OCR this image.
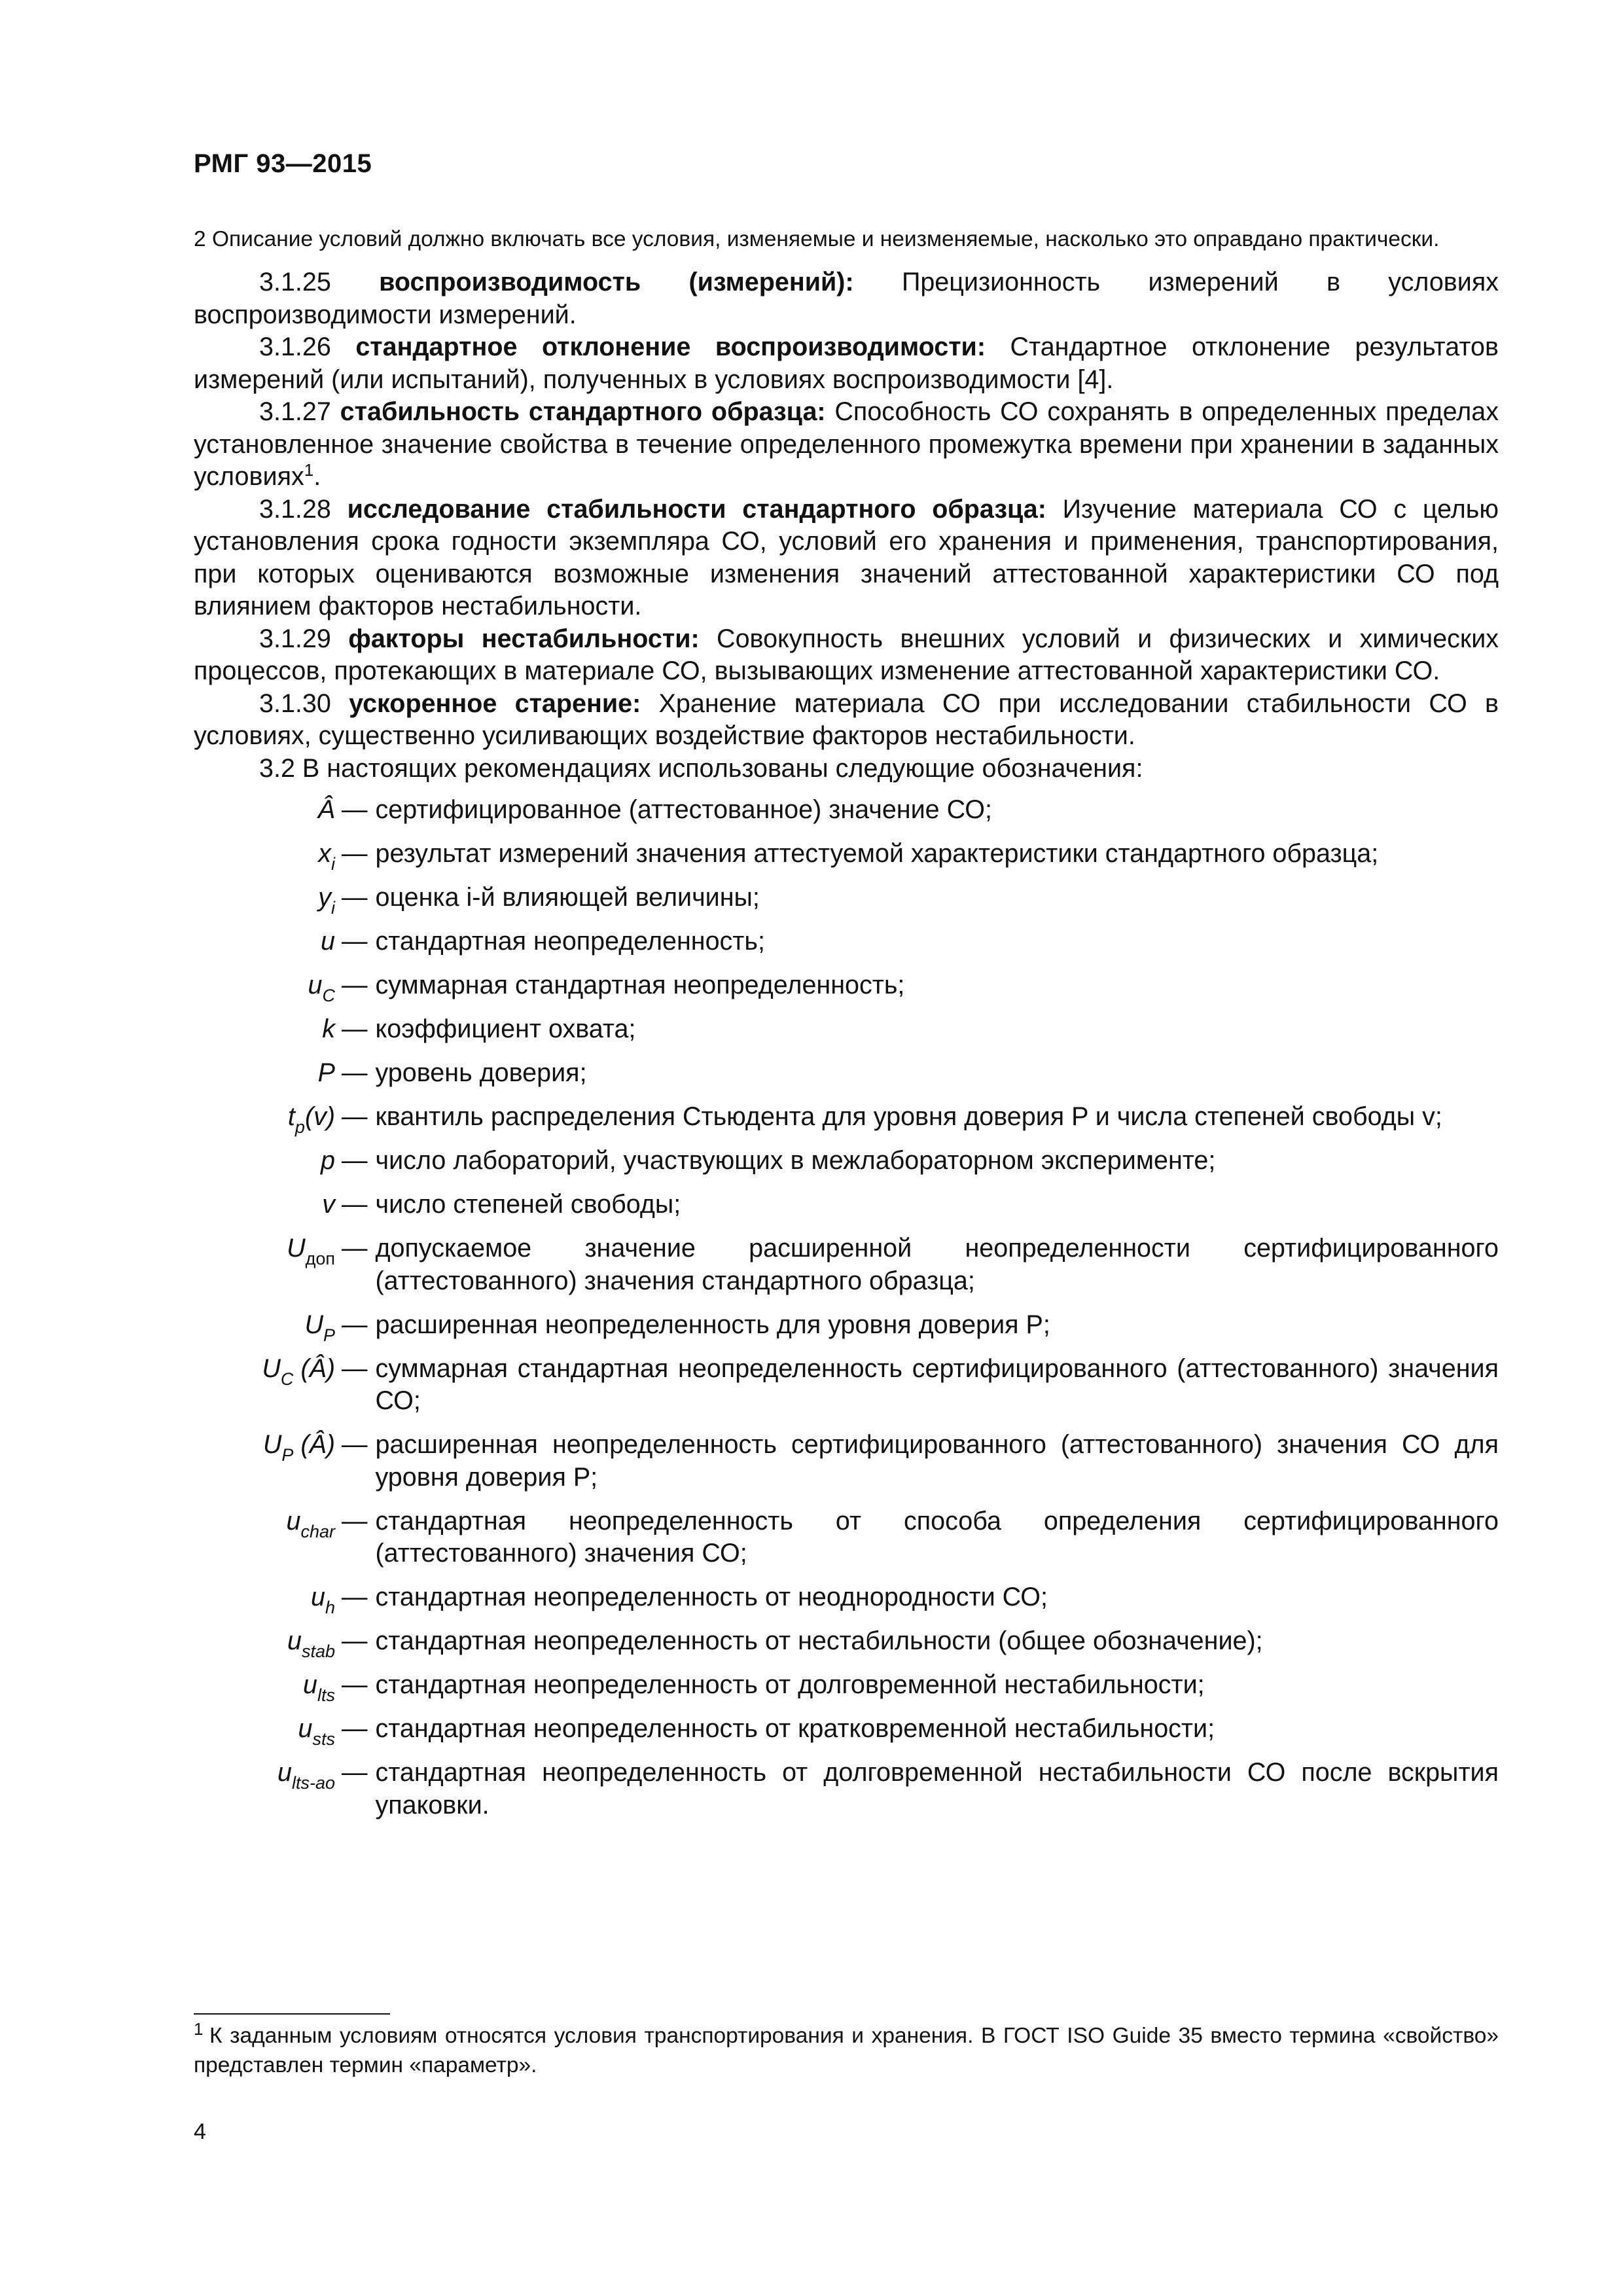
РМГ 93—2015
2 Описание условий должно включать все условия, изменяемые и неизменяемые, насколько это оправдано практически.
3.1.25 воспроизводимость (измерений): Прецизионность измерений в условиях воспроизводимости измерений.
3.1.26 стандартное отклонение воспроизводимости: Стандартное отклонение результатов измерений (или испытаний), полученных в условиях воспроизводимости [4].
3.1.27 стабильность стандартного образца: Способность СО сохранять в определенных пределах установленное значение свойства в течение определенного промежутка времени при хранении в заданных условиях$^1$.
3.1.28 исследование стабильности стандартного образца: Изучение материала СО с целью установления срока годности экземпляра СО, условий его хранения и применения, транспортирования, при которых оцениваются возможные изменения значений аттестованной характеристики СО под влиянием факторов нестабильности.
3.1.29 факторы нестабильности: Совокупность внешних условий и физических и химических процессов, протекающих в материале СО, вызывающих изменение аттестованной характеристики СО.
3.1.30 ускоренное старение: Хранение материала СО при исследовании стабильности СО в условиях, существенно усиливающих воздействие факторов нестабильности.
3.2 В настоящих рекомендациях использованы следующие обозначения:
Â — сертифицированное (аттестованное) значение СО;
$x_i$ — результат измерений значения аттестуемой характеристики стандартного образца;
$y_i$ — оценка i-й влияющей величины;
u — стандартная неопределенность;
$u_C$ — суммарная стандартная неопределенность;
k — коэффициент охвата;
P — уровень доверия;
$t_p(v)$ — квантиль распределения Стьюдента для уровня доверия P и числа степеней свободы v;
p — число лабораторий, участвующих в межлабораторном эксперименте;
v — число степеней свободы;
$U_{доп}$ — допускаемое значение расширенной неопределенности сертифицированного (аттестованного) значения стандартного образца;
$U_P$ — расширенная неопределенность для уровня доверия P;
$U_C$ (Â) — суммарная стандартная неопределенность сертифицированного (аттестованного) значения СО;
$U_P$ (Â) — расширенная неопределенность сертифицированного (аттестованного) значения СО для уровня доверия P;
$u_{char}$ — стандартная неопределенность от способа определения сертифицированного (аттестованного) значения СО;
$u_h$ — стандартная неопределенность от неоднородности СО;
$u_{stab}$ — стандартная неопределенность от нестабильности (общее обозначение);
$u_{lts}$ — стандартная неопределенность от долговременной нестабильности;
$u_{sts}$ — стандартная неопределенность от кратковременной нестабильности;
$u_{lts-ao}$ — стандартная неопределенность от долговременной нестабильности СО после вскрытия упаковки.
1 К заданным условиям относятся условия транспортирования и хранения. В ГОСТ ISO Guide 35 вместо термина «свойство» представлен термин «параметр».
4
